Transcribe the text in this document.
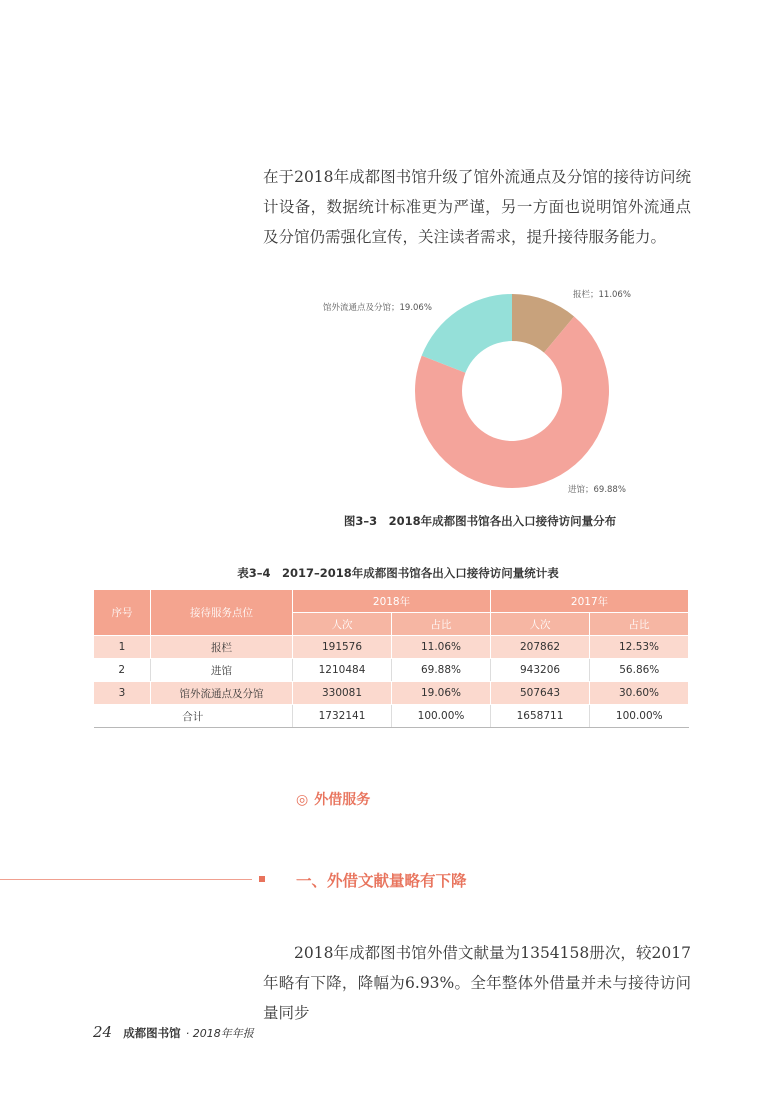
在于2018年成都图书馆升级了馆外流通点及分馆的接待访问统计设备，数据统计标准更为严谨，另一方面也说明馆外流通点及分馆仍需强化宣传，关注读者需求，提升接待服务能力。

报栏；11.06%
进馆；69.88%
馆外流通点及分馆；19.06%
图3–3　2018年成都图书馆各出入口接待访问量分布
表3–4　2017–2018年成都图书馆各出入口接待访问量统计表
序号	接待服务点位	2018年		2017年	
		人次	占比	人次	占比
1	报栏	191576	11.06%	207862	12.53%
2	进馆	1210484	69.88%	943206	56.86%
3	馆外流通点及分馆	330081	19.06%	507643	30.60%
合计		1732141	100.00%	1658711	100.00%
◎ 外借服务
一、外借文献量略有下降

2018年成都图书馆外借文献量为1354158册次，较2017年略有下降，降幅为6.93%。全年整体外借量并未与接待访问量同步

24 成都图书馆 · 2018年年报
